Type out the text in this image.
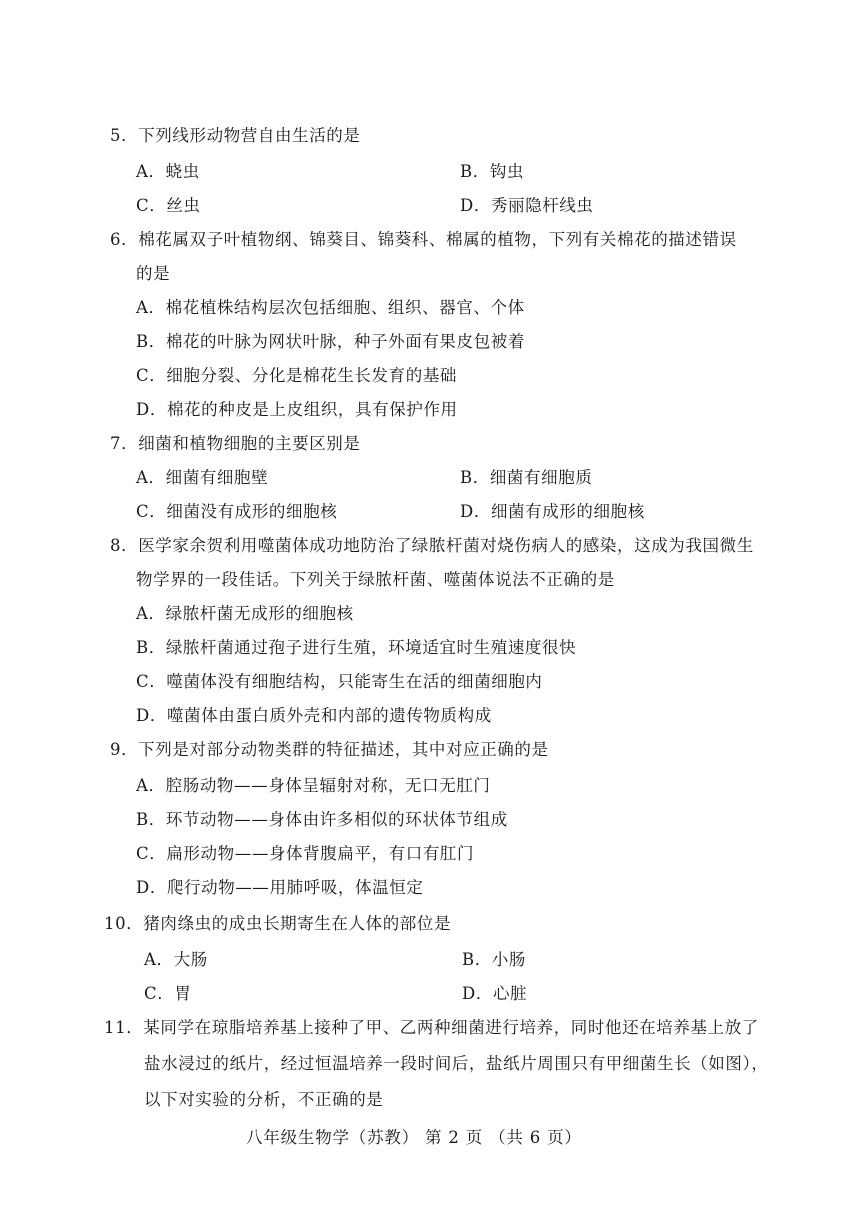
5．下列线形动物营自由生活的是
A．蛲虫	B．钩虫
C．丝虫	D．秀丽隐杆线虫
6．棉花属双子叶植物纲、锦葵目、锦葵科、棉属的植物，下列有关棉花的描述错误
的是
A．棉花植株结构层次包括细胞、组织、器官、个体
B．棉花的叶脉为网状叶脉，种子外面有果皮包被着
C．细胞分裂、分化是棉花生长发育的基础
D．棉花的种皮是上皮组织，具有保护作用
7．细菌和植物细胞的主要区别是
A．细菌有细胞壁	B．细菌有细胞质
C．细菌没有成形的细胞核	D．细菌有成形的细胞核
8．医学家余贺利用噬菌体成功地防治了绿脓杆菌对烧伤病人的感染，这成为我国微生
物学界的一段佳话。下列关于绿脓杆菌、噬菌体说法不正确的是
A．绿脓杆菌无成形的细胞核
B．绿脓杆菌通过孢子进行生殖，环境适宜时生殖速度很快
C．噬菌体没有细胞结构，只能寄生在活的细菌细胞内
D．噬菌体由蛋白质外壳和内部的遗传物质构成
9．下列是对部分动物类群的特征描述，其中对应正确的是
A．腔肠动物——身体呈辐射对称，无口无肛门
B．环节动物——身体由许多相似的环状体节组成
C．扁形动物——身体背腹扁平，有口有肛门
D．爬行动物——用肺呼吸，体温恒定
10．猪肉绦虫的成虫长期寄生在人体的部位是
A．大肠	B．小肠
C．胃	D．心脏
11．某同学在琼脂培养基上接种了甲、乙两种细菌进行培养，同时他还在培养基上放了
盐水浸过的纸片，经过恒温培养一段时间后，盐纸片周围只有甲细菌生长（如图），
以下对实验的分析，不正确的是
八年级生物学（苏教） 第 2 页 （共 6 页）
